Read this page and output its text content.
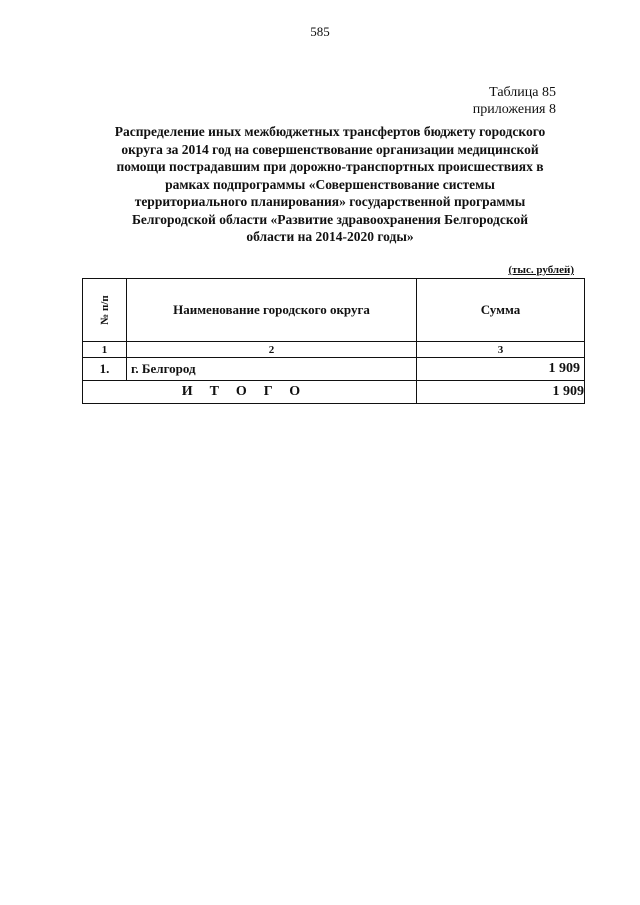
585
Таблица 85
приложения 8
Распределение иных межбюджетных трансфертов бюджету городского
округа за 2014 год на совершенствование организации медицинской
помощи пострадавшим при дорожно-транспортных происшествиях в
рамках подпрограммы «Совершенствование системы
территориального планирования» государственной программы
Белгородской области «Развитие здравоохранения Белгородской
области на 2014-2020 годы»
(тыс. рублей)
№ п/п	Наименование городского округа	Сумма
1	2	3
1.	г. Белгород	1 909
ИТОГО		1 909
